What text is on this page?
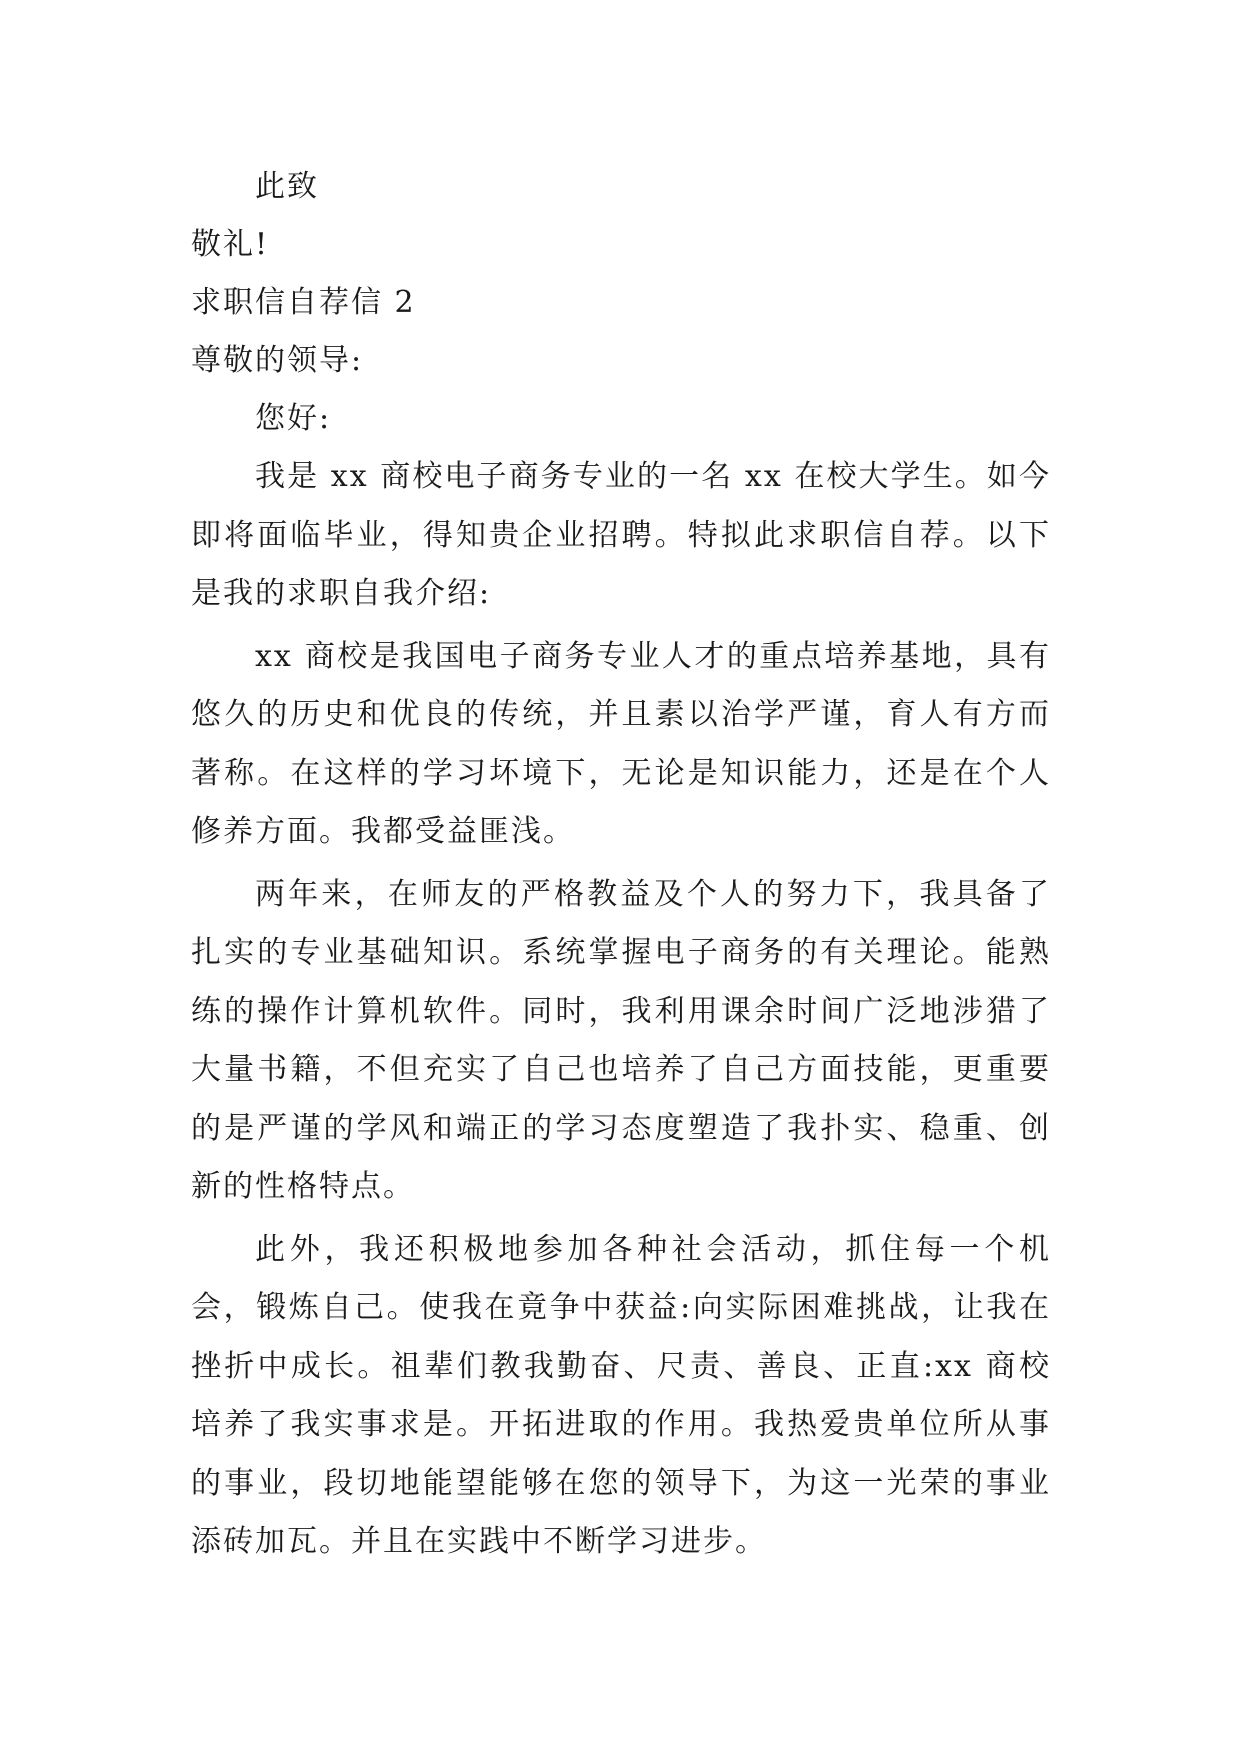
此致
敬礼!
求职信自荐信 2
尊敬的领导:
您好:

我是 xx 商校电子商务专业的一名 xx 在校大学生。如今即将面临毕业，得知贵企业招聘。特拟此求职信自荐。以下是我的求职自我介绍:

xx 商校是我国电子商务专业人才的重点培养基地，具有悠久的历史和优良的传统，并且素以治学严谨，育人有方而著称。在这样的学习坏境下，无论是知识能力，还是在个人修养方面。我都受益匪浅。

两年来，在师友的严格教益及个人的努力下，我具备了扎实的专业基础知识。系统掌握电子商务的有关理论。能熟练的操作计算机软件。同时，我利用课余时间广泛地涉猎了大量书籍，不但充实了自己也培养了自己方面技能，更重要的是严谨的学风和端正的学习态度塑造了我扑实、稳重、创新的性格特点。

此外，我还积极地参加各种社会活动，抓住每一个机会，锻炼自己。使我在竟争中获益:向实际困难挑战，让我在挫折中成长。祖辈们教我勤奋、尺责、善良、正直:xx 商校培养了我实事求是。开拓进取的作用。我热爱贵单位所从事的事业，段切地能望能够在您的领导下，为这一光荣的事业添砖加瓦。并且在实践中不断学习进步。
